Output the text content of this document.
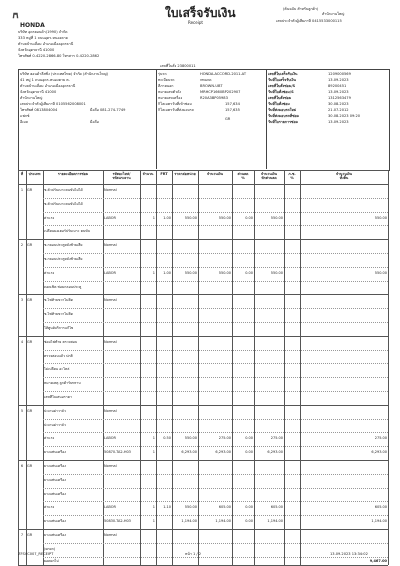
HONDA
ใบเสร็จรับเงิน
Receipt
(ต้นฉบับ สำหรับลูกค้า)
สำนักงานใหญ่
เลขประจำตัวผู้เสียภาษี 0415533000115
บริษัท อุดรฮอนด้า(1990) จำกัด
333 หมู่ที่ 1 ถนนอุดร-หนองคาย
ตำบลบ้านเลื่อม อำเภอเมืองอุดรธานี
จังหวัดอุดรธานี 41000
โทรศัพท์ 0-4220-2866-80 โทรสาร 0-4220-2862
เลขที่ใบสั่ง 23800011
บริษัท ฮอนด้าลีสซิ่ง (ประเทศไทย) จำกัด (สำนักงานใหญ่)
41 หมู่ 1 ถนนอุดร-หนองคาย ต.
ตำบลบ้านเลื่อม อำเภอเมืองอุดรธานี
จังหวัดอุดรธานี 41000
สำนักงานใหญ่
เลขประจำตัวผู้เสียภาษี 0105562008001
โทรศัพท์ 0813804004	มือถือ 081-274-7749
แฟกซ์
อีเมล	มือถือ
รุ่นรถ	HONDA-ACCORD-2011-AT
ทะเบียนรถ	กทฉกด
สีภายนอก	BROWN-UBT
หมายเลขตัวถัง	MRHCP1660BP202907
หมายเลขเครื่อง	R20A3BP05983
กิโลเมตรวันที่เข้าซ่อม	157,634
กิโลเมตรวันที่ส่งมอบรถ	157,635
GR
เลขที่ใบเสร็จรับเงิน	1209000569
วันที่ใบเสร็จรับเงิน	13.09.2023
เลขที่ใบสั่งซ่อม/S	89200451
วันที่ใบสั่งซ่อม/S	13.09.2023
เลขที่ใบสั่งซ่อม	1312563479
วันที่ใบสั่งซ่อม	30.08.2023
วันที่ส่งมอบรถใหม่	21.07.2012
วันที่ส่งมอบรถที่ซ่อม	30.08.2023 09:20
วันที่ใบรายการซ่อม	13.09.2023
ที่	ประเภท	รายละเอียดการซ่อม	รหัสอะไหล่/
รหัสแรงงาน
จำนวน	FRT	ราคาต่อหน่วย	จำนวนเงิน	ส่วนลด
%
จำนวนเงิน
หักส่วนลด
ภ.ซ.
%
จำนวนเงิน
ทั้งสิ้น
1	GR	ซ.ตัวปรับเบาะคนขับไม่ได้	Normal
ซ.ตัวปรับเบาะคนขับไม่ได้
ค่าแรง	LABOR	1	1.00	550.00	550.00	0.00	550.00	550.00
เปลี่ยนมอเตอร์ปรับเบาะ คนขับ
2	GR	ซ.กลอนประตูหลังซ้ายเสีย	Normal
ซ.กลอนประตูหลังซ้ายเสีย
ค่าแรง	LABOR	1	1.00	550.00	550.00	0.00	550.00	550.00
ถอดเช็ค ซ่อมกลอนประตู
3	GR	ซ.ไฟท้ายขวาไม่ติด	Normal
ซ.ไฟท้ายขวาไม่ติด
ให้ศูนย์บริการแก้ไข
4	GR	ซ่อมไฟท้าย ตรวจสอบ	Normal
ตรวจสอบแล้ว ปกติ
ไม่เปลี่ยน อะไหล่
หมายเหตุ ลูกค้ารับทราบ
เลขที่ใบเสนอราคา
5	GR	ปะเกนฝาวาล์ว	Normal
ปะเกนฝาวาล์ว
ค่าแรง	LABOR	1	0.50	550.00	275.00	0.00	275.00	275.00
ยางแท่นเครื่อง	50870-TA2-H03	1	6,293.00	6,293.00	0.00	6,293.00	6,293.00
6	GR	ยางแท่นเครื่อง	Normal
ยางแท่นเครื่อง
ยางแท่นเครื่อง
ค่าแรง	LABOR	1	1.10	550.00	605.00	0.00	605.00	605.00
ยางแท่นเครื่อง	50830-TA2-H03	1	1,194.00	1,194.00	0.00	1,194.00	1,194.00
7	GR	ยางแท่นเครื่อง	Normal
(ยกยก)
ยอดยกไป	9,467.00
ZFSVC007_RECEIPT	หน้า 1 / 2	13.09.2023 13:34:02
